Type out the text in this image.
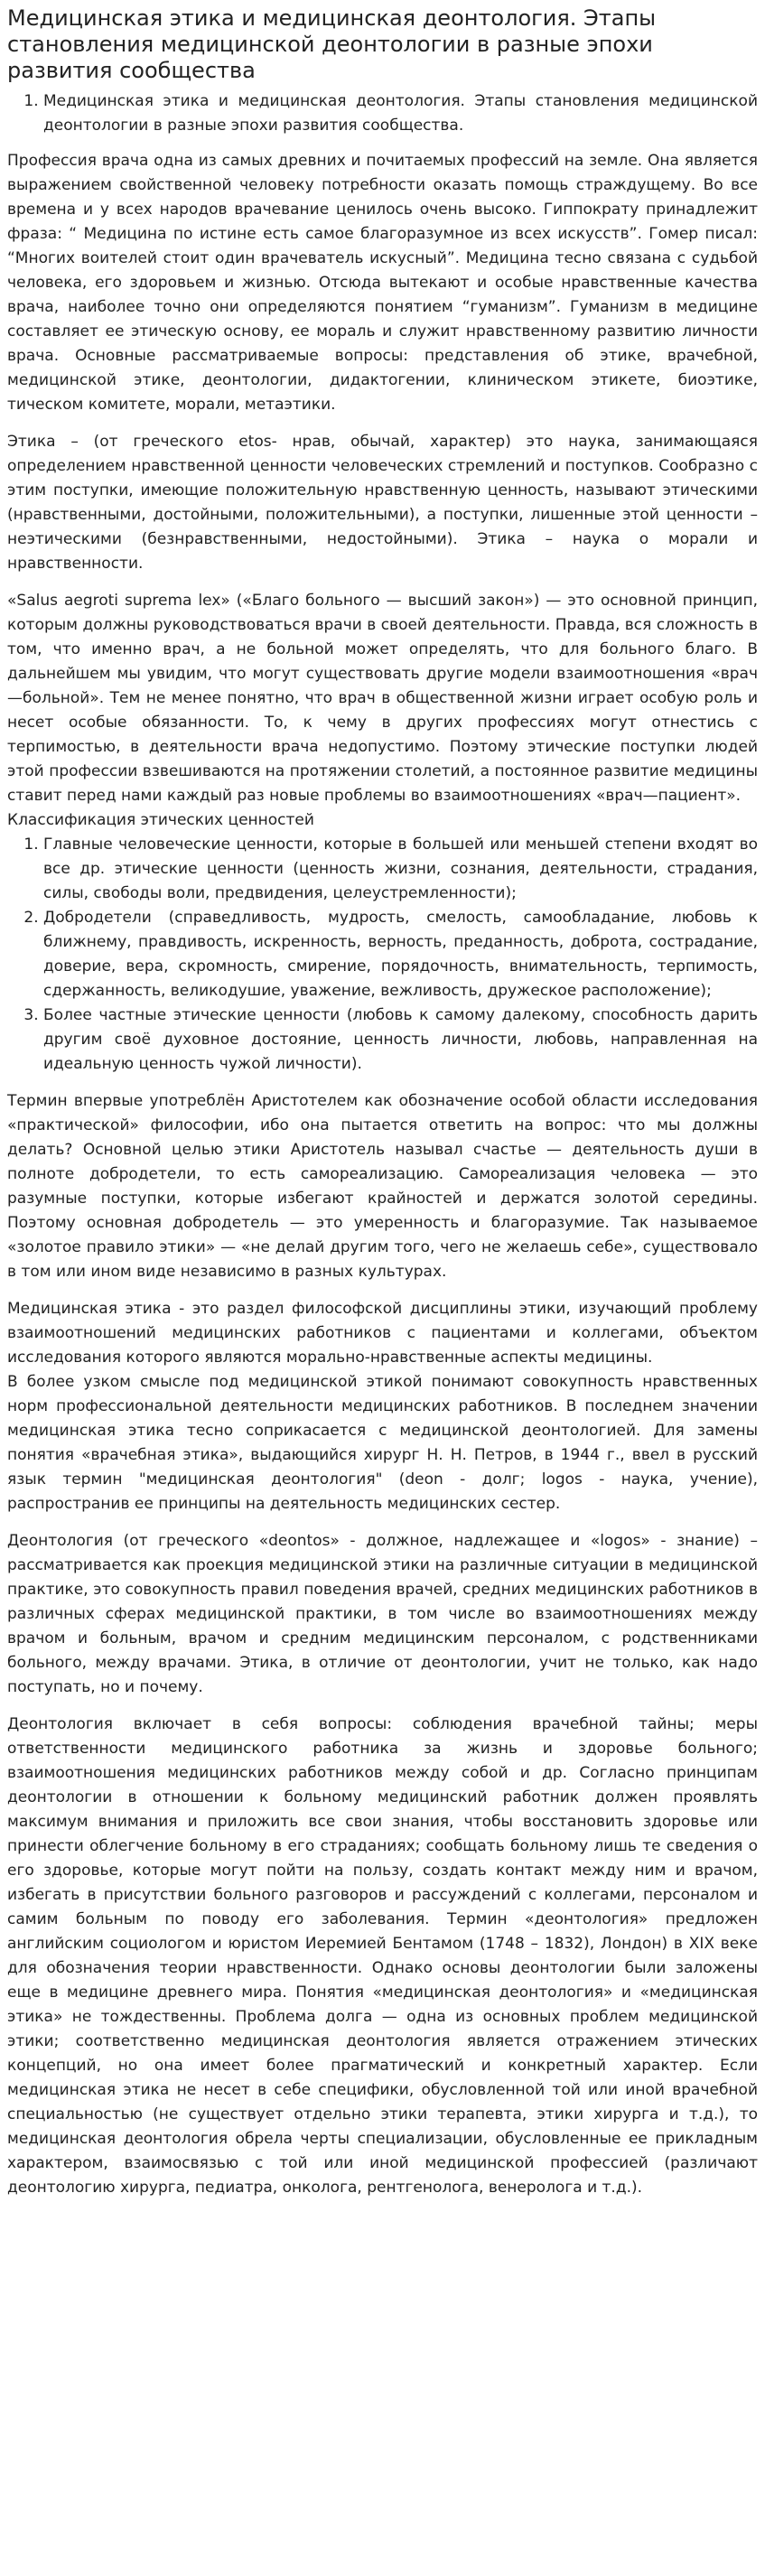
Медицинская этика и медицинская деонтология. Этапы становления медицинской деонтологии в разные эпохи развития сообщества
1. Медицинская этика и медицинская деонтология. Этапы становления медицинской деонтологии в разные эпохи развития сообщества.

Профессия врача одна из самых древних и почитаемых профессий на земле. Она является выражением свойственной человеку потребности оказать помощь страждущему. Во все времена и у всех народов врачевание ценилось очень высоко. Гиппократу принадлежит фраза: “ Медицина по истине есть самое благоразумное из всех искусств”. Гомер писал: “Многих воителей стоит один врачеватель искусный”. Медицина тесно связана с судьбой человека, его здоровьем и жизнью. Отсюда вытекают и особые нравственные качества врача, наиболее точно они определяются понятием “гуманизм”. Гуманизм в медицине составляет ее этическую основу, ее мораль и служит нравственному развитию личности врача. Основные рассматриваемые вопросы: представления об этике, врачебной, медицинской этике, деонтологии, дидактогении, клиническом этикете, биоэтике, тическом комитете, морали, метаэтики.

Этика – (от греческого etos- нрав, обычай, характер) это наука, занимающаяся определением нравственной ценности человеческих стремлений и поступков. Сообразно с этим поступки, имеющие положительную нравственную ценность, называют этическими (нравственными, достойными, положительными), а поступки, лишенные этой ценности – неэтическими (безнравственными, недостойными). Этика – наука о морали и нравственности.

«Salus aegroti suprema lex» («Благо больного — высший закон») — это основной принцип, которым должны руководствоваться врачи в своей деятельности. Правда, вся сложность в том, что именно врач, а не больной может определять, что для больного благо. В дальнейшем мы увидим, что могут существовать другие модели взаимоотношения «врач—больной». Тем не менее понятно, что врач в общественной жизни играет особую роль и несет особые обязанности. То, к чему в других профессиях могут отнестись с терпимостью, в деятельности врача недопустимо. Поэтому этические поступки людей этой профессии взвешиваются на протяжении столетий, а постоянное развитие медицины ставит перед нами каждый раз новые проблемы во взаимоотношениях «врач—пациент».

Классификация этических ценностей

1. Главные человеческие ценности, которые в большей или меньшей степени входят во все др. этические ценности (ценность жизни, сознания, деятельности, страдания, силы, свободы воли, предвидения, целеустремленности);
2. Добродетели (справедливость, мудрость, смелость, самообладание, любовь к ближнему, правдивость, искренность, верность, преданность, доброта, сострадание, доверие, вера, скромность, смирение, порядочность, внимательность, терпимость, сдержанность, великодушие, уважение, вежливость, дружеское расположение);
3. Более частные этические ценности (любовь к самому далекому, способность дарить другим своё духовное достояние, ценность личности, любовь, направленная на идеальную ценность чужой личности).

Термин впервые употреблён Аристотелем как обозначение особой области исследования «практической» философии, ибо она пытается ответить на вопрос: что мы должны делать? Основной целью этики Аристотель называл счастье — деятельность души в полноте добродетели, то есть самореализацию. Самореализация человека — это разумные поступки, которые избегают крайностей и держатся золотой середины. Поэтому основная добродетель — это умеренность и благоразумие. Так называемое «золотое правило этики» — «не делай другим того, чего не желаешь себе», существовало в том или ином виде независимо в разных культурах.

Медицинская этика - это раздел философской дисциплины этики, изучающий проблему взаимоотношений медицинских работников с пациентами и коллегами, объектом исследования которого являются морально-нравственные аспекты медицины.

В более узком смысле под медицинской этикой понимают совокупность нравственных норм профессиональной деятельности медицинских работников. В последнем значении медицинская этика тесно соприкасается с медицинской деонтологией. Для замены понятия «врачебная этика», выдающийся хирург Н. Н. Петров, в 1944 г., ввел в русский язык термин "медицинская деонтология" (deon - долг; logos - наука, учение), распространив ее принципы на деятельность медицинских сестер.

Деонтология (от греческого «deontos» - должное, надлежащее и «logos» - знание) – рассматривается как проекция медицинской этики на различные ситуации в медицинской практике, это совокупность правил поведения врачей, средних медицинских работников в различных сферах медицинской практики, в том числе во взаимоотношениях между врачом и больным, врачом и средним медицинским персоналом, с родственниками больного, между врачами. Этика, в отличие от деонтологии, учит не только, как надо поступать, но и почему.

Деонтология включает в себя вопросы: соблюдения врачебной тайны; меры ответственности медицинского работника за жизнь и здоровье больного; взаимоотношения медицинских работников между собой и др. Согласно принципам деонтологии в отношении к больному медицинский работник должен проявлять максимум внимания и приложить все свои знания, чтобы восстановить здоровье или принести облегчение больному в его страданиях; сообщать больному лишь те сведения о его здоровье, которые могут пойти на пользу, создать контакт между ним и врачом, избегать в присутствии больного разговоров и рассуждений с коллегами, персоналом и самим больным по поводу его заболевания. Термин «деонтология» предложен английским социологом и юристом Иеремией Бентамом (1748 – 1832), Лондон) в XIX веке для обозначения теории нравственности. Однако основы деонтологии были заложены еще в медицине древнего мира. Понятия «медицинская деонтология» и «медицинская этика» не тождественны. Проблема долга — одна из основных проблем медицинской этики; соответственно медицинская деонтология является отражением этических концепций, но она имеет более прагматический и конкретный характер. Если медицинская этика не несет в себе специфики, обусловленной той или иной врачебной специальностью (не существует отдельно этики терапевта, этики хирурга и т.д.), то медицинская деонтология обрела черты специализации, обусловленные ее прикладным характером, взаимосвязью с той или иной медицинской профессией (различают деонтологию хирурга, педиатра, онколога, рентгенолога, венеролога и т.д.).
